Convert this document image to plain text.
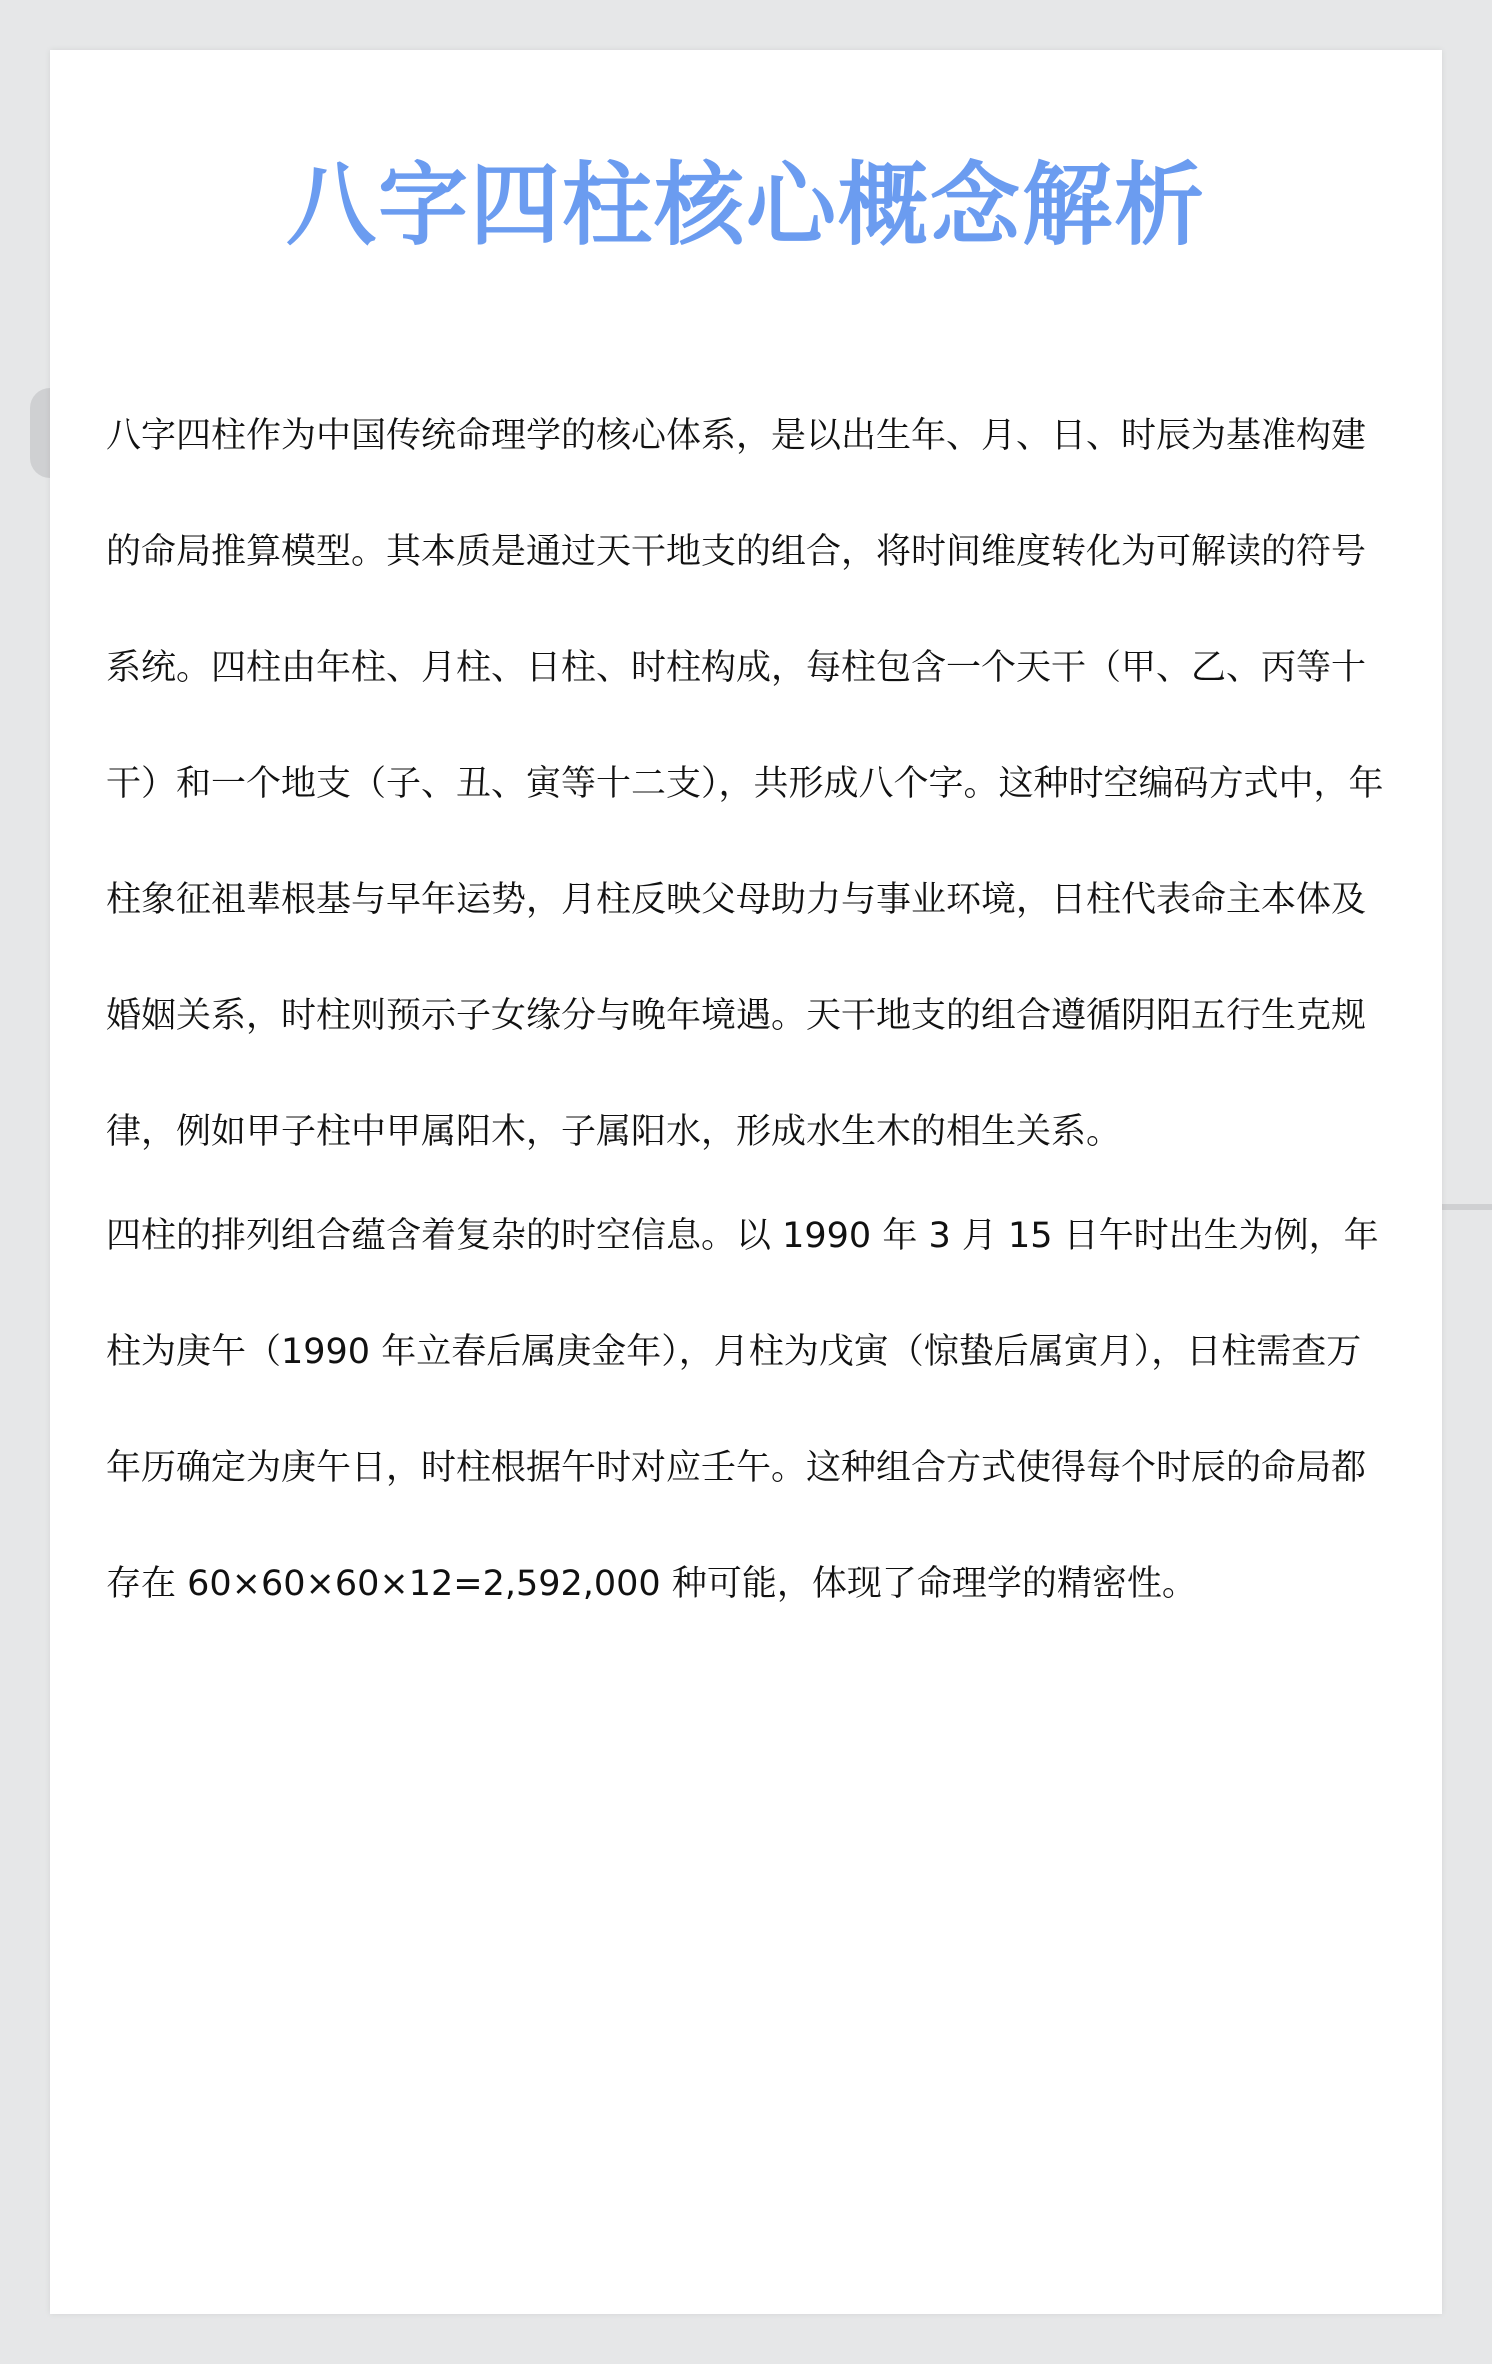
八字四柱核心概念解析

八字四柱作为中国传统命理学的核心体系，是以出生年、月、日、时辰为基准构建的命局推算模型。其本质是通过天干地支的组合，将时间维度转化为可解读的符号系统。四柱由年柱、月柱、日柱、时柱构成，每柱包含一个天干（甲、乙、丙等十干）和一个地支（子、丑、寅等十二支），共形成八个字。这种时空编码方式中，年柱象征祖辈根基与早年运势，月柱反映父母助力与事业环境，日柱代表命主本体及婚姻关系，时柱则预示子女缘分与晚年境遇。天干地支的组合遵循阴阳五行生克规律，例如甲子柱中甲属阳木，子属阳水，形成水生木的相生关系。

四柱的排列组合蕴含着复杂的时空信息。以 1990 年 3 月 15 日午时出生为例，年柱为庚午（1990 年立春后属庚金年），月柱为戊寅（惊蛰后属寅月），日柱需查万年历确定为庚午日，时柱根据午时对应壬午。这种组合方式使得每个时辰的命局都存在 60×60×60×12=2,592,000 种可能，体现了命理学的精密性。
